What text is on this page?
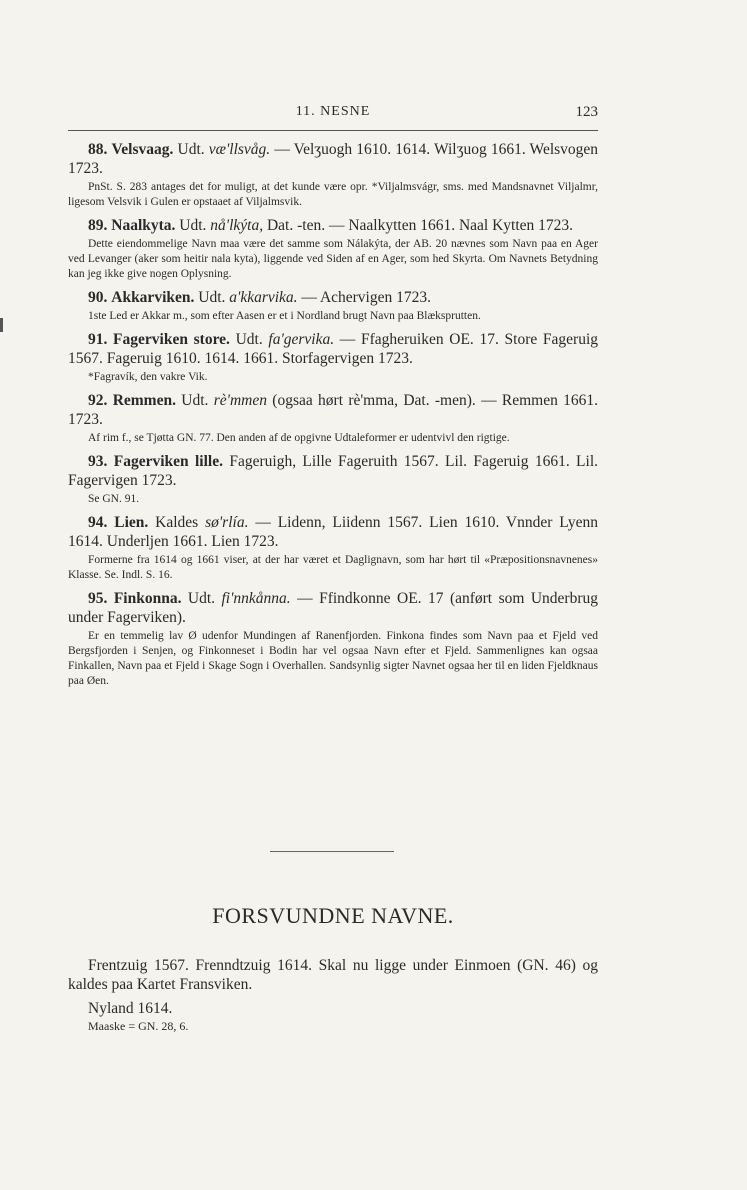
11. NESNE	123

88. Velsvaag. Udt. væ'llsvåg. — Velʒuogh 1610. 1614. Wilʒuog 1661. Welsvogen 1723.

PnSt. S. 283 antages det for muligt, at det kunde være opr. *Viljalmsvágr, sms. med Mandsnavnet Viljalmr, ligesom Velsvik i Gulen er opstaaet af Viljalmsvik.

89. Naalkyta. Udt. nå'lkýta, Dat. -ten. — Naalkytten 1661. Naal Kytten 1723.

Dette eiendommelige Navn maa være det samme som Nálakýta, der AB. 20 nævnes som Navn paa en Ager ved Levanger (aker som heitir nala kyta), liggende ved Siden af en Ager, som hed Skyrta. Om Navnets Betydning kan jeg ikke give nogen Oplysning.

90. Akkarviken. Udt. a'kkarvika. — Achervigen 1723.

1ste Led er Akkar m., som efter Aasen er et i Nordland brugt Navn paa Blæksprutten.

91. Fagerviken store. Udt. fa'gervika. — Ffagheruiken OE. 17. Store Fageruig 1567. Fageruig 1610. 1614. 1661. Storfagervigen 1723.

*Fagravík, den vakre Vik.

92. Remmen. Udt. rè'mmen (ogsaa hørt rè'mma, Dat. -men). — Remmen 1661. 1723.

Af rim f., se Tjøtta GN. 77. Den anden af de opgivne Udtaleformer er udentvivl den rigtige.

93. Fagerviken lille. Fageruigh, Lille Fageruith 1567. Lil. Fageruig 1661. Lil. Fagervigen 1723.

Se GN. 91.

94. Lien. Kaldes sø'rlía. — Lidenn, Liidenn 1567. Lien 1610. Vnnder Lyenn 1614. Underljen 1661. Lien 1723.

Formerne fra 1614 og 1661 viser, at der har været et Daglignavn, som har hørt til «Præpositionsnavnenes» Klasse. Se. Indl. S. 16.

95. Finkonna. Udt. fi'nnkånna. — Ffindkonne OE. 17 (anført som Underbrug under Fagerviken).

Er en temmelig lav Ø udenfor Mundingen af Ranenfjorden. Finkona findes som Navn paa et Fjeld ved Bergsfjorden i Senjen, og Finkonneset i Bodin har vel ogsaa Navn efter et Fjeld. Sammenlignes kan ogsaa Finkallen, Navn paa et Fjeld i Skage Sogn i Overhallen. Sandsynlig sigter Navnet ogsaa her til en liden Fjeldknaus paa Øen.

FORSVUNDNE NAVNE.

Frentzuig 1567. Frenndtzuig 1614. Skal nu ligge under Einmoen (GN. 46) og kaldes paa Kartet Fransviken.

Nyland 1614.

Maaske = GN. 28, 6.
